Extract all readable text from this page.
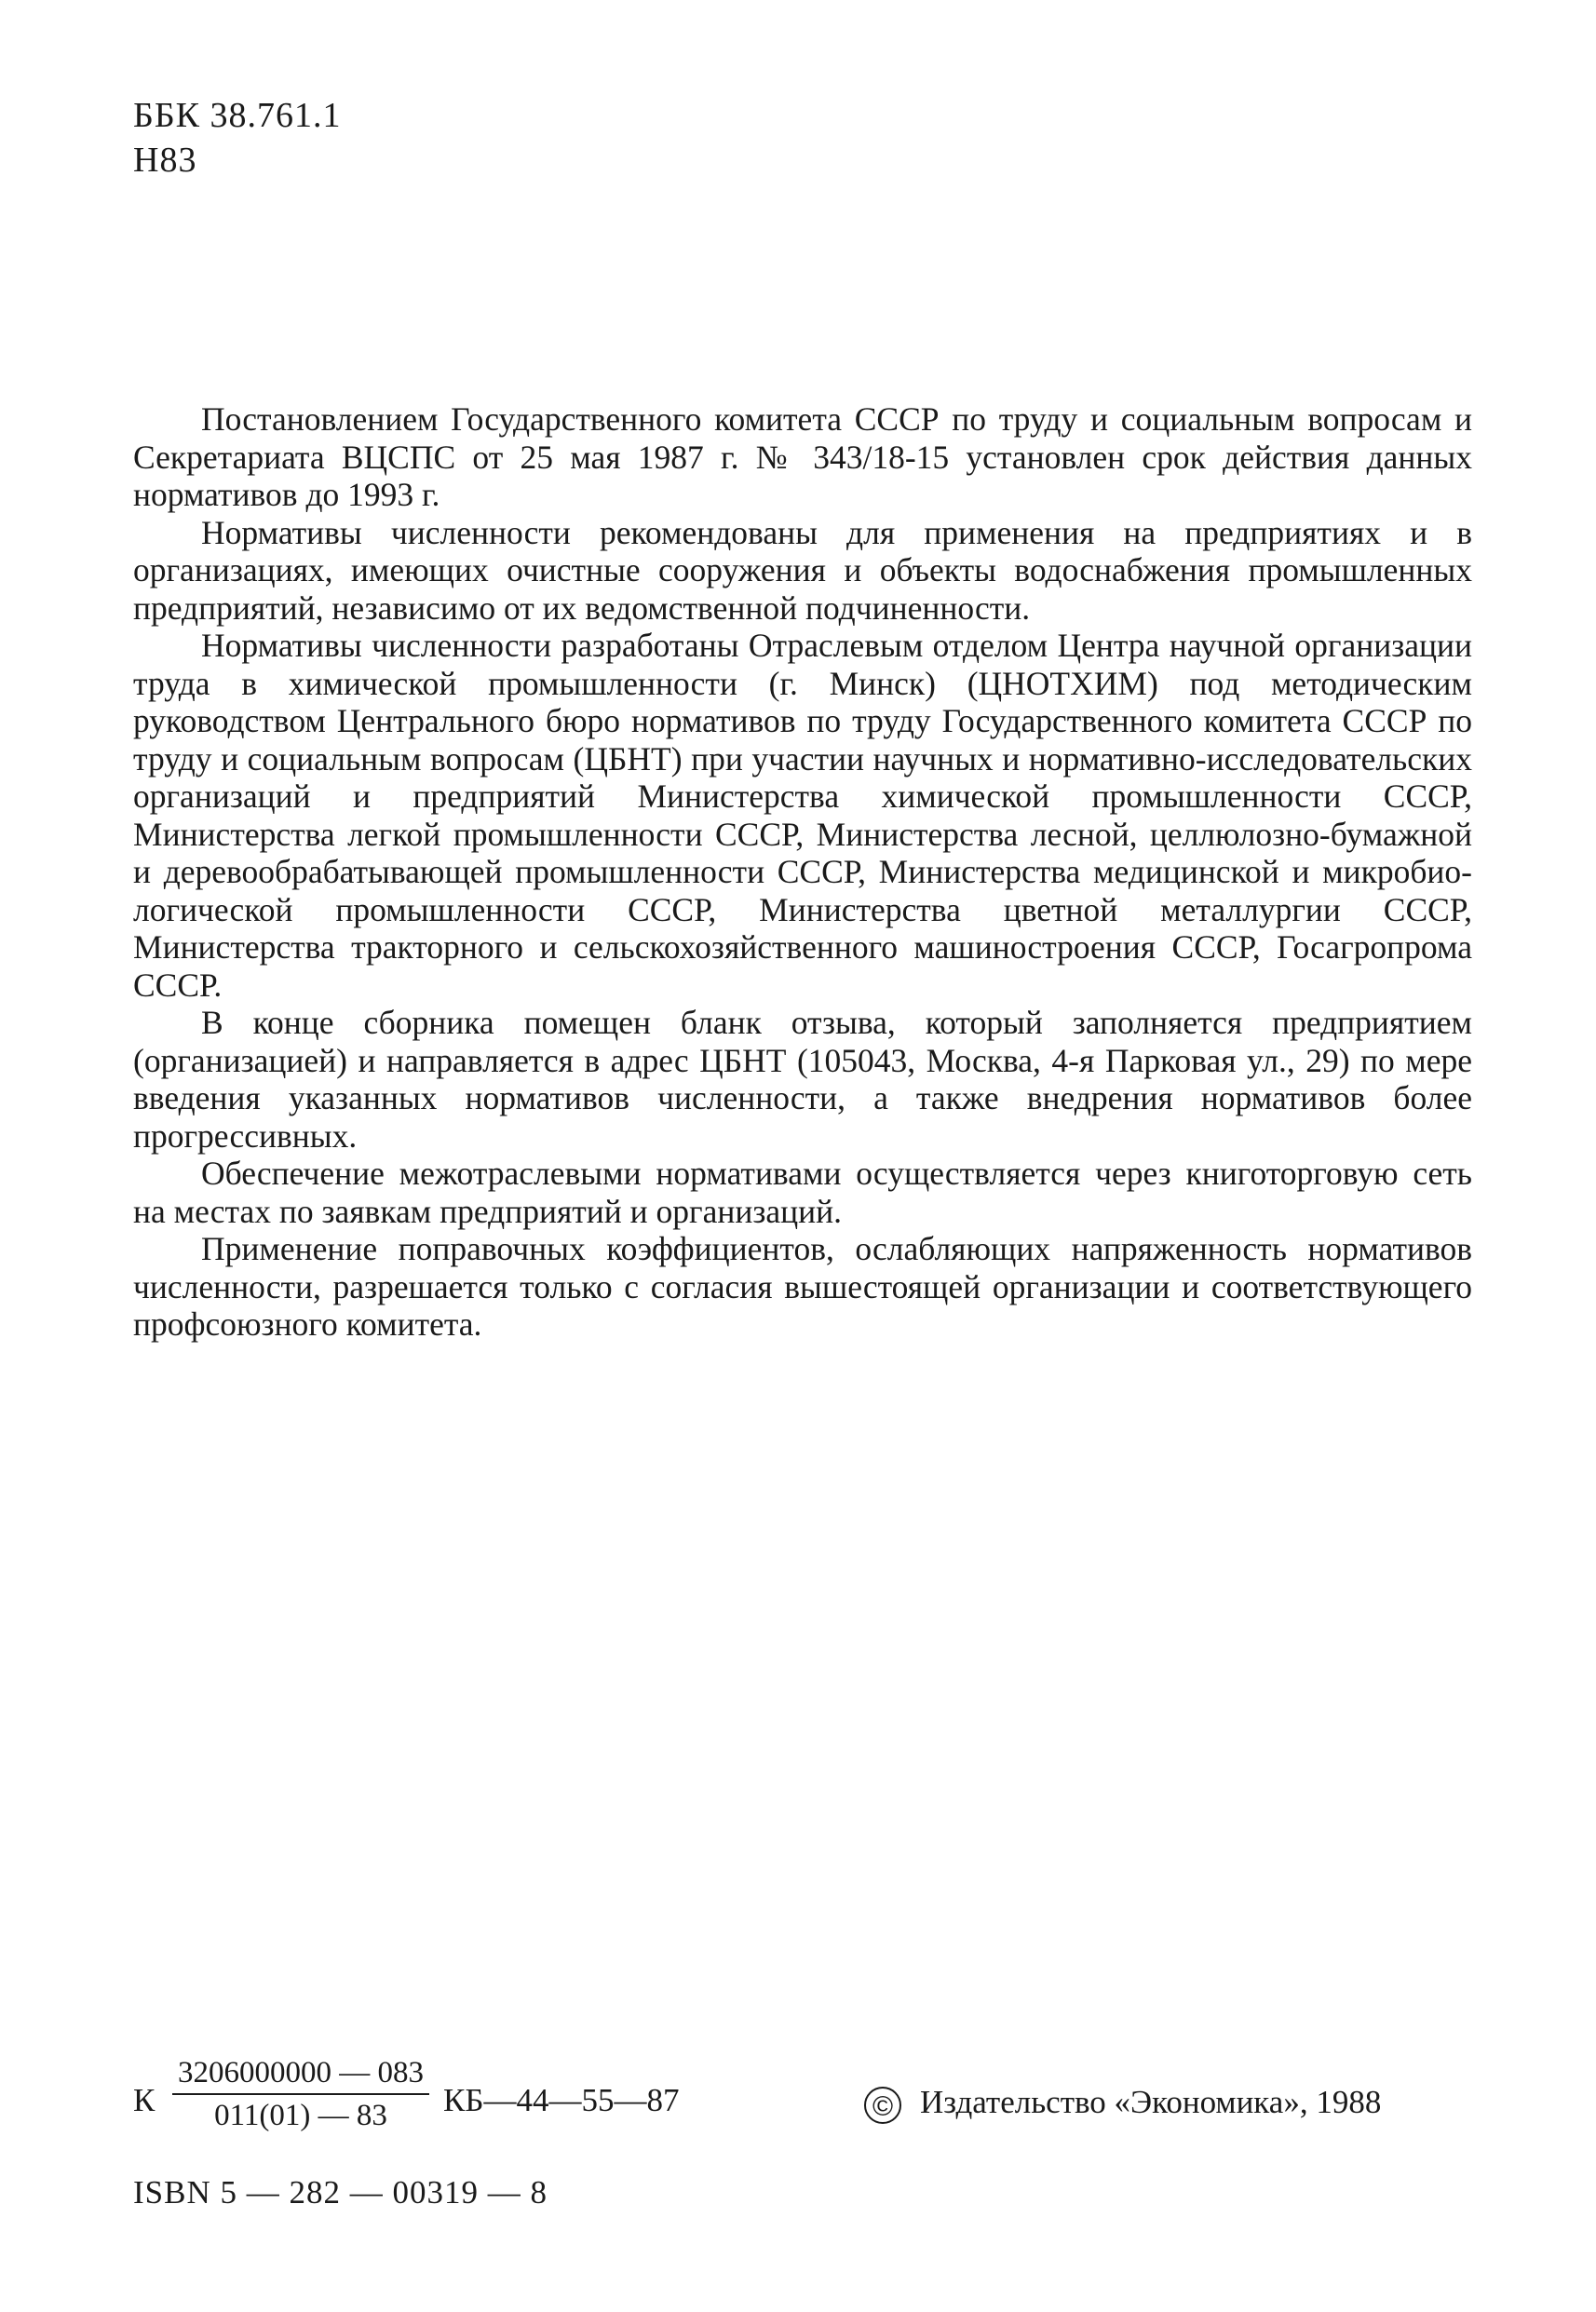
ББК 38.761.1
Н83

Постановлением Государственного комитета СССР по труду и социальным вопросам и Секретариата ВЦСПС от 25 мая 1987 г. № 343/18-15 установлен срок действия данных нормативов до 1993 г.

Нормативы численности рекомендованы для применения на предприятиях и в организациях, имеющих очистные сооружения и объекты водоснабжения промышленных предприятий, независимо от их ведомственной подчиненности.

Нормативы численности разработаны Отраслевым отделом Центра научной организации труда в химической промышленности (г. Минск) (ЦНОТХИМ) под методическим руководством Центрального бюро нормативов по труду Государственного комитета СССР по труду и социальным вопросам (ЦБНТ) при участии научных и нормативно-исследовательских организаций и предприятий Министерства химической промышленности СССР, Министерства легкой промышленности СССР, Министерства лесной, целлюлозно-бумажной и деревообрабатывающей промышленности СССР, Министерства медицинской и микробиологической промышленности СССР, Министерства цветной металлургии СССР, Министерства тракторного и сельскохозяйственного машиностроения СССР, Госагропрома СССР.

В конце сборника помещен бланк отзыва, который заполняется предприятием (организацией) и направляется в адрес ЦБНТ (105043, Москва, 4-я Парковая ул., 29) по мере введения указанных нормативов численности, а также внедрения нормативов более прогрессивных.

Обеспечение межотраслевыми нормативами осуществляется через книготорговую сеть на местах по заявкам предприятий и организаций.

Применение поправочных коэффициентов, ослабляющих напряженность нормативов численности, разрешается только с согласия вышестоящей организации и соответствующего профсоюзного комитета.

К $\frac{3206000000 — 083}{011(01) — 83}$ КБ—44—55—87	© Издательство «Экономика», 1988
ISBN 5 — 282 — 00319 — 8
